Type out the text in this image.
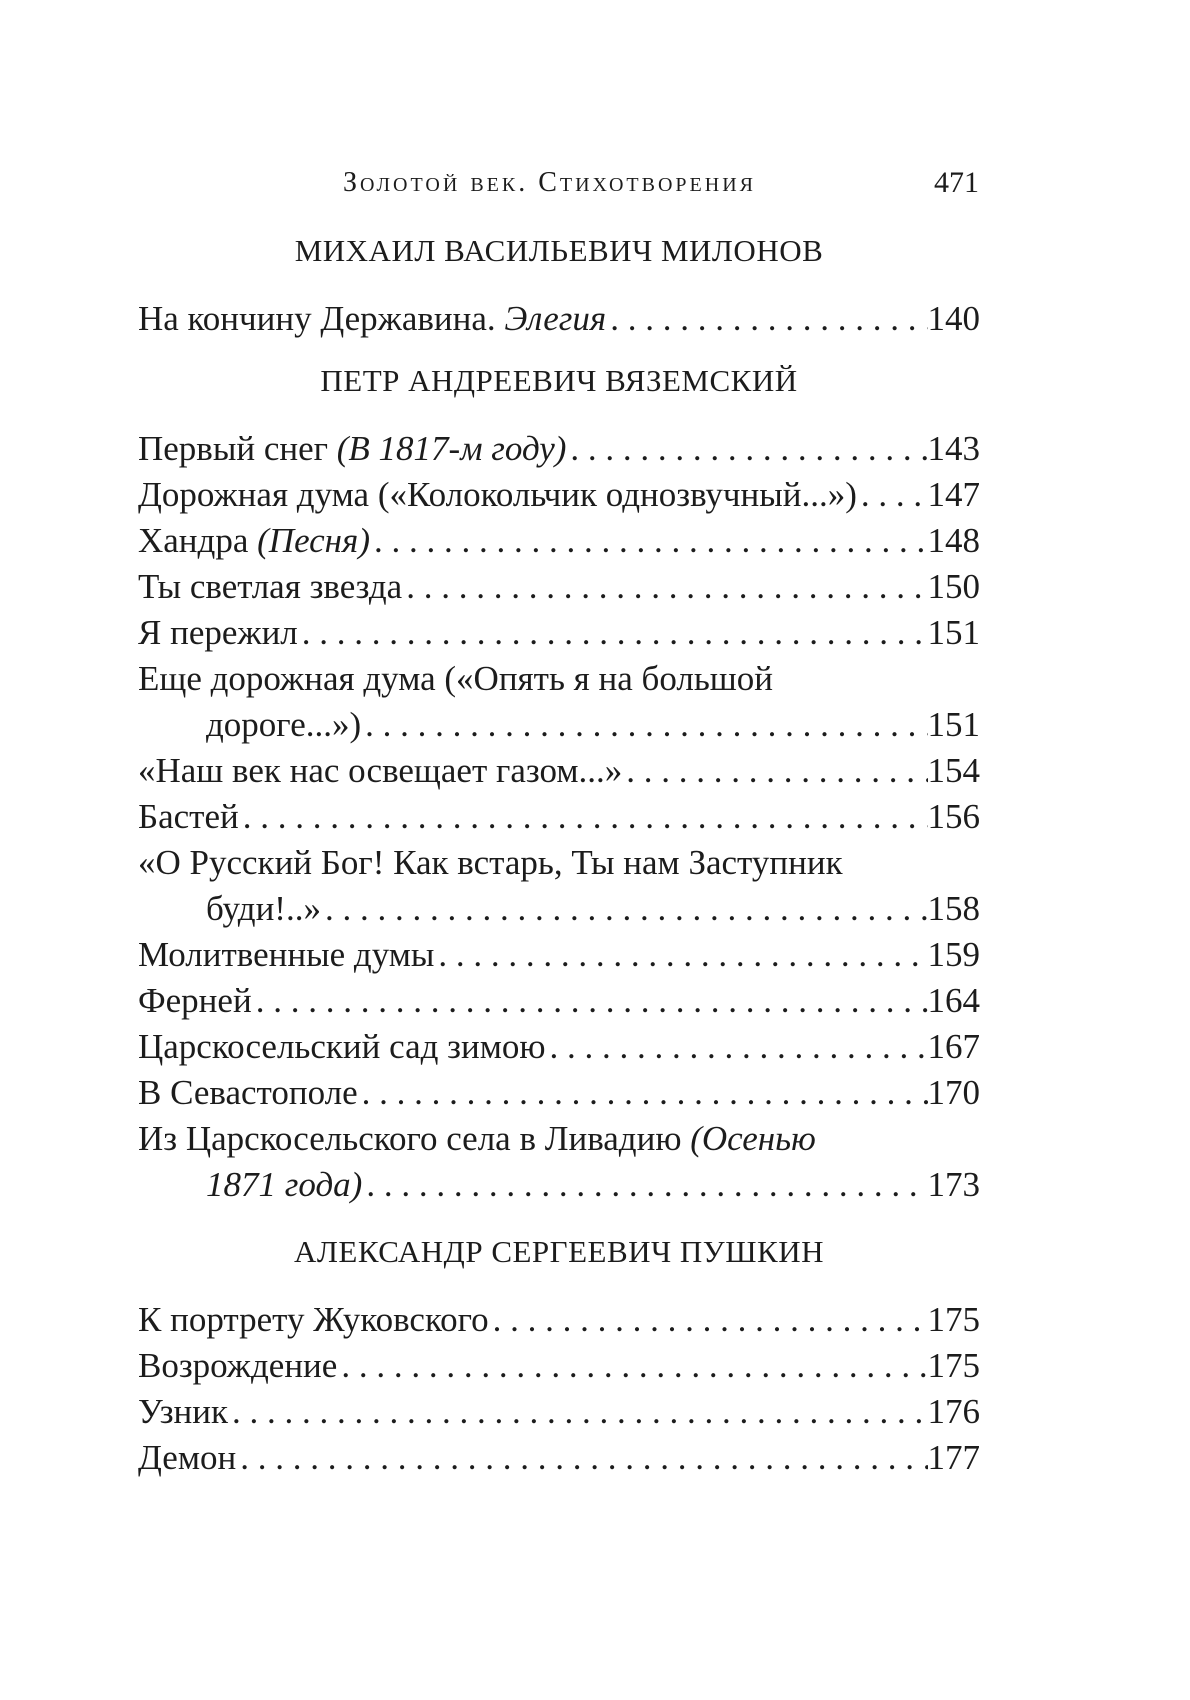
Золотой век. Стихотворения	471
МИХАИЛ ВАСИЛЬЕВИЧ МИЛОНОВ
На кончину Державина. Элегия . . .	140
ПЕТР АНДРЕЕВИЧ ВЯЗЕМСКИЙ
Первый снег (В 1817-м году) . . .	143
Дорожная дума («Колокольчик однозвучный...») . . . 147
Хандра (Песня) . . .	148
Ты светлая звезда . . .	150
Я пережил . . .	151
Еще дорожная дума («Опять я на большой
дороге...») . . .	151
«Наш век нас освещает газом...» . . .	154
Бастей . . .	156
«О Русский Бог! Как встарь, Ты нам Заступник
буди!..» . . .	158
Молитвенные думы . . .	159
Ферней . . .	164
Царскосельский сад зимою . . .	167
В Севастополе . . .	170
Из Царскосельского села в Ливадию (Осенью
1871 года) . . .	173
АЛЕКСАНДР СЕРГЕЕВИЧ ПУШКИН
К портрету Жуковского . . .	175
Возрождение . . .	175
Узник . . .	176
Демон . . .	177
